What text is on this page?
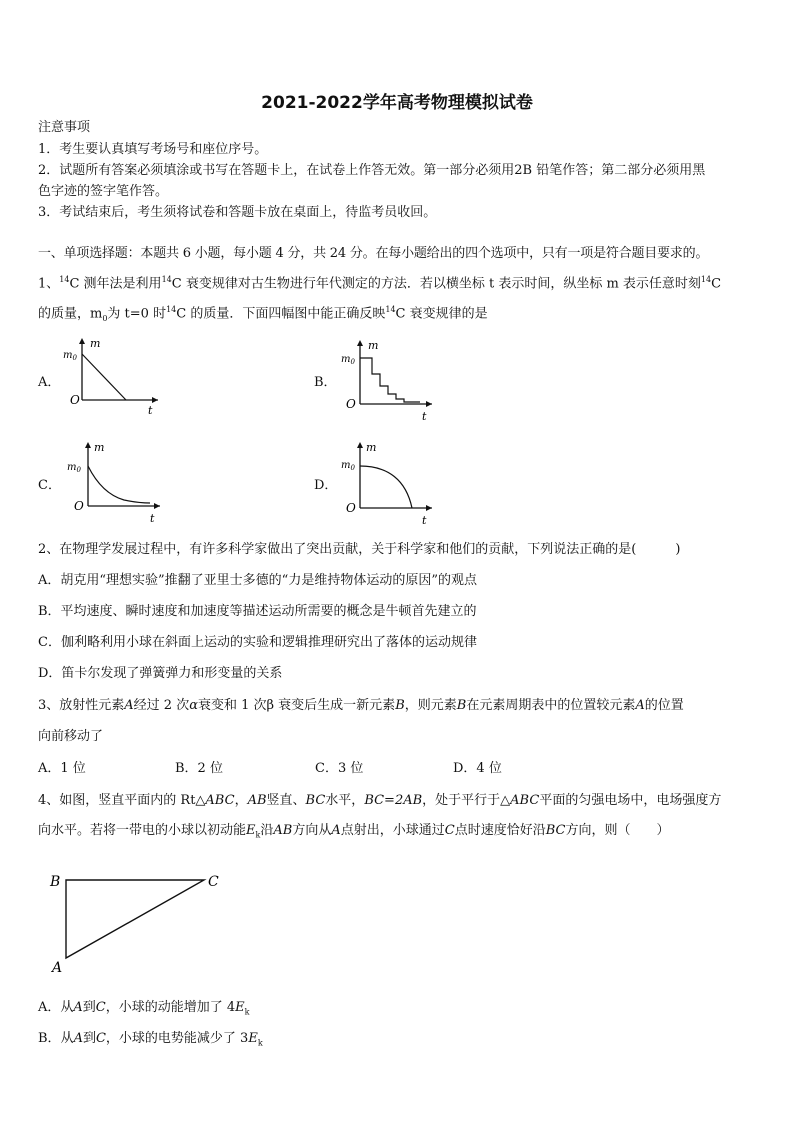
2021-2022学年高考物理模拟试卷
注意事项
1．考生要认真填写考场号和座位序号。
2．试题所有答案必须填涂或书写在答题卡上，在试卷上作答无效。第一部分必须用2B 铅笔作答；第二部分必须用黑
色字迹的签字笔作答。
3．考试结束后，考生须将试卷和答题卡放在桌面上，待监考员收回。
一、单项选择题：本题共 6 小题，每小题 4 分，共 24 分。在每小题给出的四个选项中，只有一项是符合题目要求的。
1、$^{14}$C 测年法是利用$^{14}$C 衰变规律对古生物进行年代测定的方法．若以横坐标 t 表示时间，纵坐标 m 表示任意时刻$^{14}$C
的质量，$m_0$为 t=0 时$^{14}$C 的质量．下面四幅图中能正确反映$^{14}$C 衰变规律的是
A．	B．
C．	D．
m
$m_0$
O
t
m
$m_0$
O
t
m
$m_0$
O
t
m
$m_0$
O
t
2、在物理学发展过程中，有许多科学家做出了突出贡献，关于科学家和他们的贡献，下列说法正确的是(　　　)
A．胡克用“理想实验”推翻了亚里士多德的“力是维持物体运动的原因”的观点
B．平均速度、瞬时速度和加速度等描述运动所需要的概念是牛顿首先建立的
C．伽利略利用小球在斜面上运动的实验和逻辑推理研究出了落体的运动规律
D．笛卡尔发现了弹簧弹力和形变量的关系
3、放射性元素A经过 2 次α衰变和 1 次β 衰变后生成一新元素B，则元素B在元素周期表中的位置较元素A的位置
向前移动了
A．1 位	B．2 位	C．3 位	D．4 位
4、如图，竖直平面内的 Rt△ABC，AB竖直、BC水平，BC=2AB，处于平行于△ABC平面的匀强电场中，电场强度方
向水平。若将一带电的小球以初动能$E_k$沿AB方向从A点射出，小球通过C点时速度恰好沿BC方向，则（　　）
B	C
A
A．从A到C，小球的动能增加了 $4E_k$
B．从A到C，小球的电势能减少了 $3E_k$
